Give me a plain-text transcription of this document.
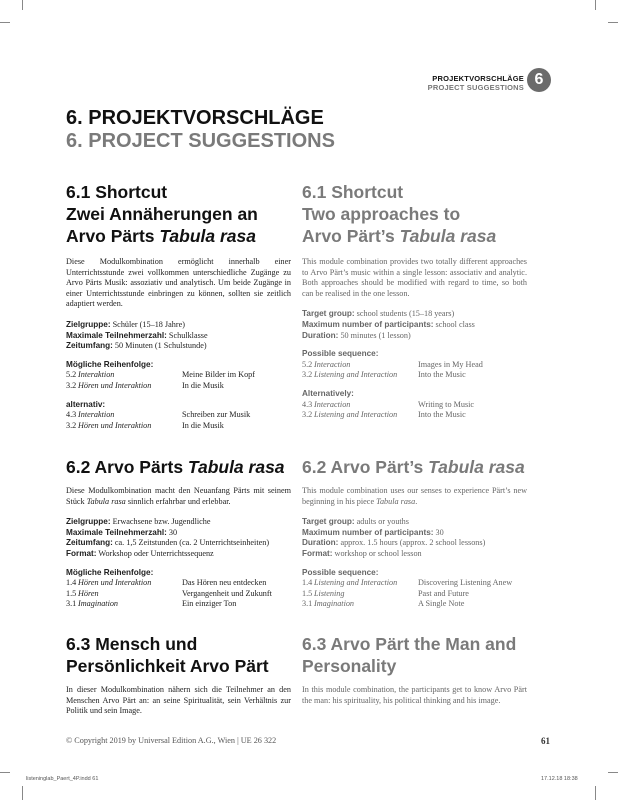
PROJEKTVORSCHLÄGE
PROJECT SUGGESTIONS 6
6. PROJEKTVORSCHLÄGE
6. PROJECT SUGGESTIONS
6.1 Shortcut
Zwei Annäherungen an
Arvo Pärts Tabula rasa

Diese Modulkombination ermöglicht innerhalb einer Unterrichtsstunde zwei vollkommen unterschiedliche Zugänge zu Arvo Pärts Musik: assoziativ und analytisch. Um beide Zugänge in einer Unterrichtsstunde einbringen zu können, sollten sie zeitlich adaptiert werden.

Zielgruppe: Schüler (15–18 Jahre)

Maximale Teilnehmerzahl: Schulklasse

Zeitumfang: 50 Minuten (1 Schulstunde)

Mögliche Reihenfolge:

5.2 Interaktion	Meine Bilder im Kopf
3.2 Hören und Interaktion	In die Musik

alternativ:

4.3 Interaktion	Schreiben zur Musik
3.2 Hören und Interaktion	In die Musik
6.1 Shortcut
Two approaches to
Arvo Pärt’s Tabula rasa

This module combination provides two totally different approaches to Arvo Pärt’s music within a single lesson: associativ and analytic. Both approaches should be modified with regard to time, so both can be realised in the one lesson.

Target group: school students (15–18 years)

Maximum number of participants: school class

Duration: 50 minutes (1 lesson)

Possible sequence:

5.2 Interaction	Images in My Head
3.2 Listening and Interaction	Into the Music

Alternatively:

4.3 Interaction	Writing to Music
3.2 Listening and Interaction	Into the Music
6.2 Arvo Pärts Tabula rasa

Diese Modulkombination macht den Neuanfang Pärts mit seinem Stück Tabula rasa sinnlich erfahrbar und erlebbar.

Zielgruppe: Erwachsene bzw. Jugendliche

Maximale Teilnehmerzahl: 30

Zeitumfang: ca. 1,5 Zeitstunden (ca. 2 Unterrichtseinheiten)

Format: Workshop oder Unterrichtssequenz

Mögliche Reihenfolge:

1.4 Hören und Interaktion	Das Hören neu entdecken
1.5 Hören	Vergangenheit und Zukunft
3.1 Imagination	Ein einziger Ton
6.2 Arvo Pärt’s Tabula rasa

This module combination uses our senses to experience Pärt’s new beginning in his piece Tabula rasa.

Target group: adults or youths

Maximum number of participants: 30

Duration: approx. 1.5 hours (approx. 2 school lessons)

Format: workshop or school lesson

Possible sequence:

1.4 Listening and Interaction	Discovering Listening Anew
1.5 Listening	Past and Future
3.1 Imagination	A Single Note
6.3 Mensch und
Persönlichkeit Arvo Pärt

In dieser Modulkombination nähern sich die Teilnehmer an den Menschen Arvo Pärt an: an seine Spiritualität, sein Verhältnis zur Politik und sein Image.

6.3 Arvo Pärt the Man and
Personality

In this module combination, the participants get to know Arvo Pärt the man: his spirituality, his political thinking and his image.

© Copyright 2019 by Universal Edition A.G., Wien | UE 26 322	61
listeninglab_Paert_4P.indd 61	17.12.18 18:38
